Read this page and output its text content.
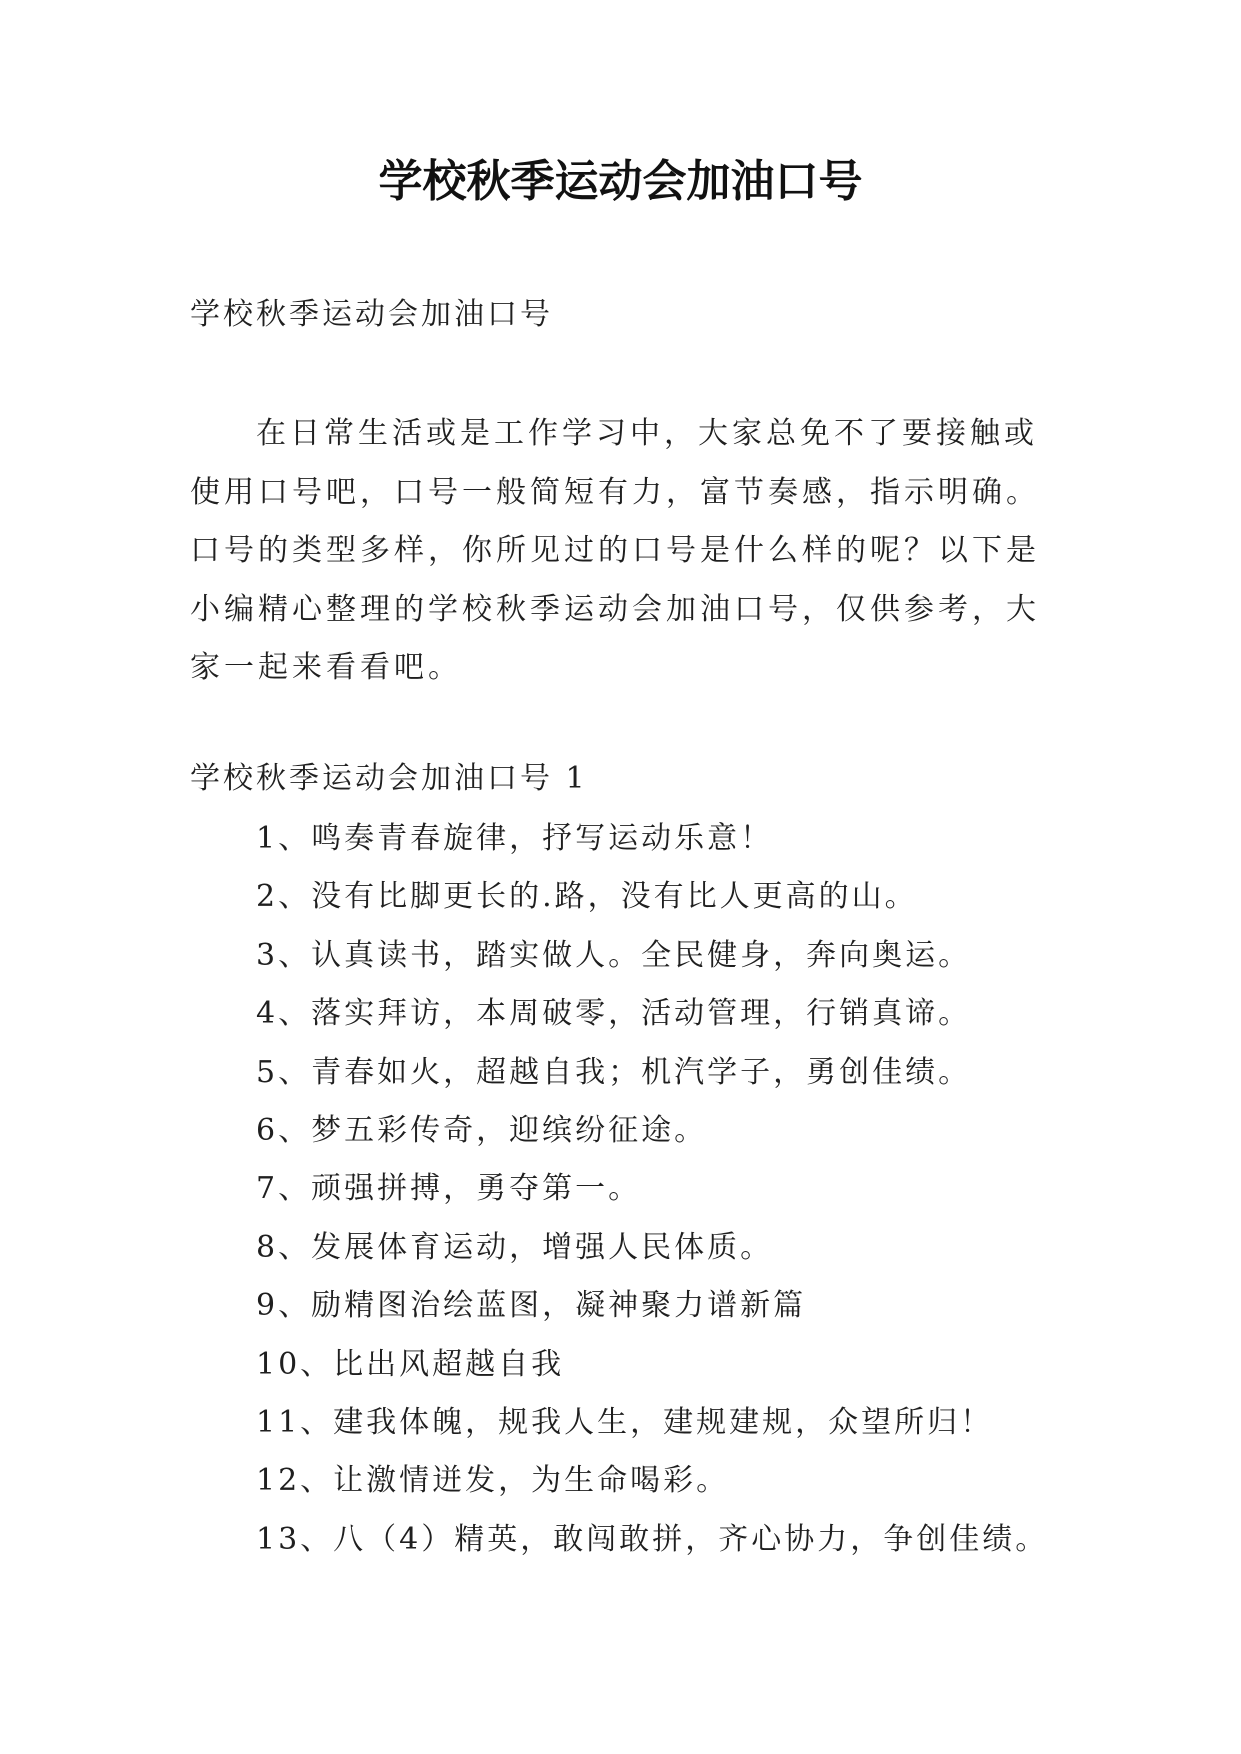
学校秋季运动会加油口号

学校秋季运动会加油口号

在日常生活或是工作学习中，大家总免不了要接触或使用口号吧，口号一般简短有力，富节奏感，指示明确。口号的类型多样，你所见过的口号是什么样的呢？以下是小编精心整理的学校秋季运动会加油口号，仅供参考，大家一起来看看吧。

学校秋季运动会加油口号 1

1、鸣奏青春旋律，抒写运动乐意！
2、没有比脚更长的.路，没有比人更高的山。
3、认真读书，踏实做人。全民健身，奔向奥运。
4、落实拜访，本周破零，活动管理，行销真谛。
5、青春如火，超越自我；机汽学子，勇创佳绩。
6、梦五彩传奇，迎缤纷征途。
7、顽强拼搏，勇夺第一。
8、发展体育运动，增强人民体质。
9、励精图治绘蓝图，凝神聚力谱新篇
10、比出风超越自我
11、建我体魄，规我人生，建规建规，众望所归！
12、让激情迸发，为生命喝彩。
13、八（4）精英，敢闯敢拼，齐心协力，争创佳绩。
